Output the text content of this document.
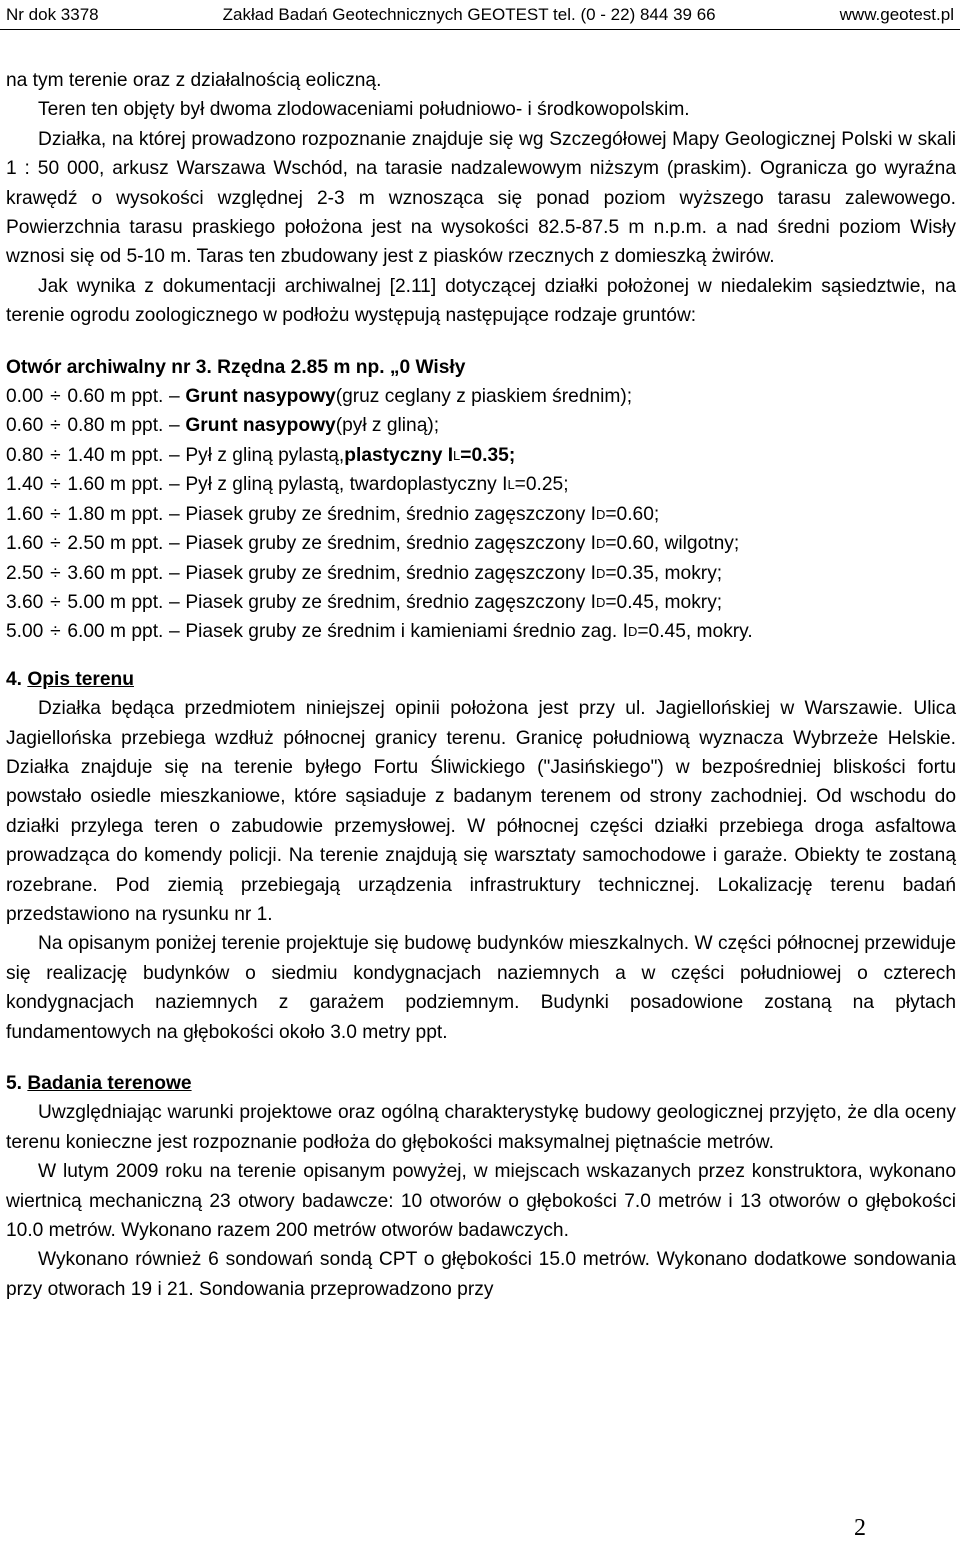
Nr dok 3378	Zakład Badań Geotechnicznych GEOTEST tel. (0 - 22) 844 39 66	www.geotest.pl

na tym terenie oraz z działalnością eoliczną.

Teren ten objęty był dwoma zlodowaceniami południowo- i środkowopolskim.

Działka, na której prowadzono rozpoznanie znajduje się wg Szczegółowej Mapy Geologicznej Polski w skali 1 : 50 000, arkusz Warszawa Wschód, na tarasie nadzalewowym niższym (praskim). Ogranicza go wyraźna krawędź o wysokości względnej 2-3 m wznosząca się ponad poziom wyższego tarasu zalewowego. Powierzchnia tarasu praskiego położona jest na wysokości 82.5-87.5 m n.p.m. a nad średni poziom Wisły wznosi się od 5-10 m. Taras ten zbudowany jest z piasków rzecznych z domieszką żwirów.

Jak wynika z dokumentacji archiwalnej [2.11] dotyczącej działki położonej w niedalekim sąsiedztwie, na terenie ogrodu zoologicznego w podłożu występują następujące rodzaje gruntów:

Otwór archiwalny nr 3. Rzędna 2.85 m np. „0 Wisły

0.00 ÷ 0.60 m ppt. – Grunt nasypowy (gruz ceglany z piaskiem średnim);
0.60 ÷ 0.80 m ppt. – Grunt nasypowy (pył z gliną);
0.80 ÷ 1.40 m ppt. – Pył z gliną pylastą, plastyczny I L =0.35;
1.40 ÷ 1.60 m ppt. – Pył z gliną pylastą, twardoplastyczny I L =0.25;
1.60 ÷ 1.80 m ppt. – Piasek gruby ze średnim, średnio zagęszczony I D =0.60;
1.60 ÷ 2.50 m ppt. – Piasek gruby ze średnim, średnio zagęszczony I D =0.60, wilgotny;
2.50 ÷ 3.60 m ppt. – Piasek gruby ze średnim, średnio zagęszczony I D =0.35, mokry;
3.60 ÷ 5.00 m ppt. – Piasek gruby ze średnim, średnio zagęszczony I D =0.45, mokry;
5.00 ÷ 6.00 m ppt. – Piasek gruby ze średnim i kamieniami średnio zag. I D =0.45, mokry.

4. Opis terenu

Działka będąca przedmiotem niniejszej opinii położona jest przy ul. Jagiellońskiej w Warszawie. Ulica Jagiellońska przebiega wzdłuż północnej granicy terenu. Granicę południową wyznacza Wybrzeże Helskie. Działka znajduje się na terenie byłego Fortu Śliwickiego ("Jasińskiego") w bezpośredniej bliskości fortu powstało osiedle mieszkaniowe, które sąsiaduje z badanym terenem od strony zachodniej. Od wschodu do działki przylega teren o zabudowie przemysłowej. W północnej części działki przebiega droga asfaltowa prowadząca do komendy policji. Na terenie znajdują się warsztaty samochodowe i garaże. Obiekty te zostaną rozebrane. Pod ziemią przebiegają urządzenia infrastruktury technicznej. Lokalizację terenu badań przedstawiono na rysunku nr 1.

Na opisanym poniżej terenie projektuje się budowę budynków mieszkalnych. W części północnej przewiduje się realizację budynków o siedmiu kondygnacjach naziemnych a w części południowej o czterech kondygnacjach naziemnych z garażem podziemnym. Budynki posadowione zostaną na płytach fundamentowych na głębokości około 3.0 metry ppt.

5. Badania terenowe

Uwzględniając warunki projektowe oraz ogólną charakterystykę budowy geologicznej przyjęto, że dla oceny terenu konieczne jest rozpoznanie podłoża do głębokości maksymalnej piętnaście metrów.

W lutym 2009 roku na terenie opisanym powyżej, w miejscach wskazanych przez konstruktora, wykonano wiertnicą mechaniczną 23 otwory badawcze: 10 otworów o głębokości 7.0 metrów i 13 otworów o głębokości 10.0 metrów. Wykonano razem 200 metrów otworów badawczych.

Wykonano również 6 sondowań sondą CPT o głębokości 15.0 metrów. Wykonano dodatkowe sondowania przy otworach 19 i 21. Sondowania przeprowadzono przy

2
